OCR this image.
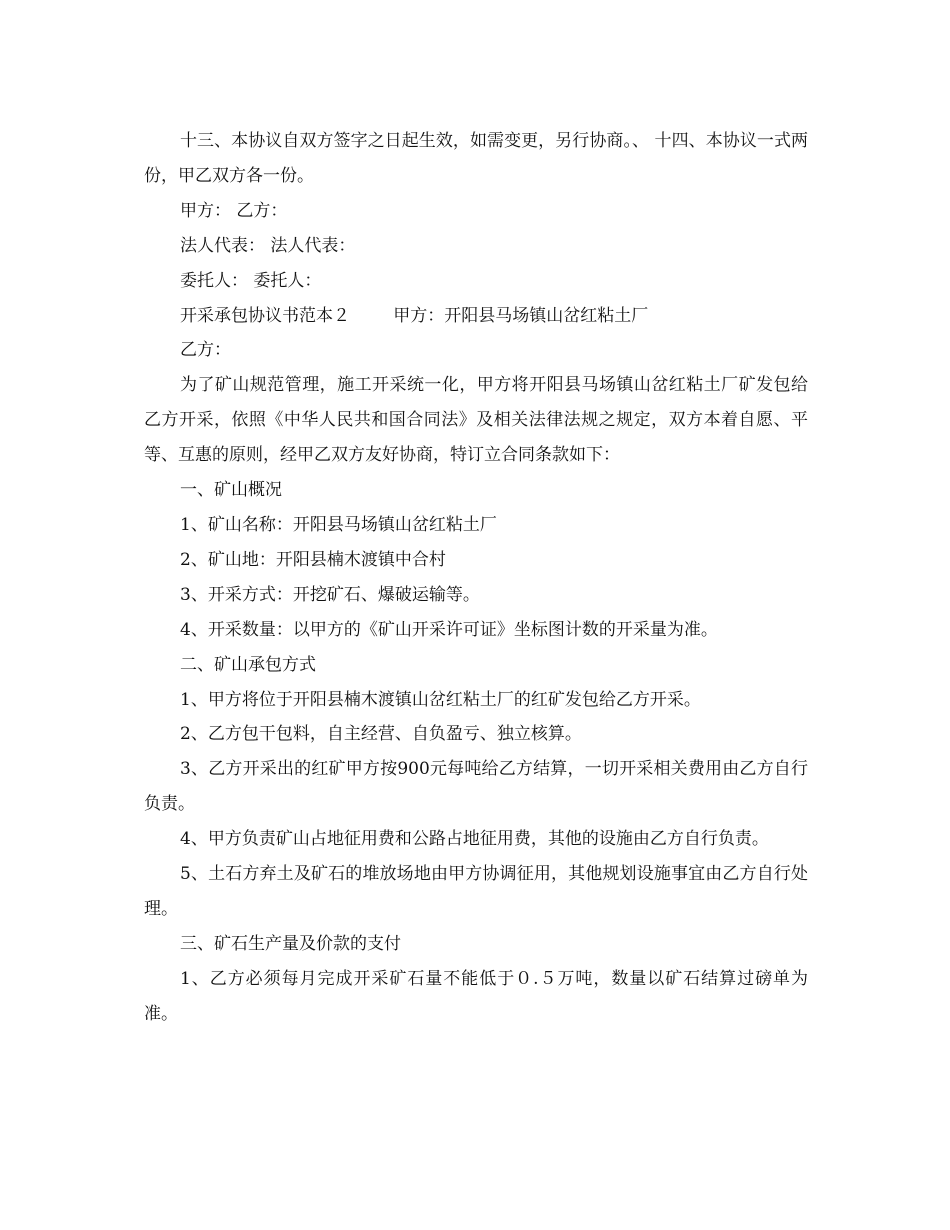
十三、本协议自双方签字之日起生效，如需变更，另行协商。、 十四、本协议一式两份，甲乙双方各一份。

甲方： 乙方：

法人代表： 法人代表：

委托人： 委托人：

开采承包协议书范本２	甲方：开阳县马场镇山岔红粘土厂

乙方：

为了矿山规范管理，施工开采统一化，甲方将开阳县马场镇山岔红粘土厂矿发包给乙方开采，依照《中华人民共和国合同法》及相关法律法规之规定，双方本着自愿、平等、互惠的原则，经甲乙双方友好协商，特订立合同条款如下：

一、矿山概况

1、矿山名称：开阳县马场镇山岔红粘土厂

2、矿山地：开阳县楠木渡镇中合村

3、开采方式：开挖矿石、爆破运输等。

4、开采数量：以甲方的《矿山开采许可证》坐标图计数的开采量为准。

二、矿山承包方式

1、甲方将位于开阳县楠木渡镇山岔红粘土厂的红矿发包给乙方开采。

2、乙方包干包料，自主经营、自负盈亏、独立核算。

3、乙方开采出的红矿甲方按900元每吨给乙方结算，一切开采相关费用由乙方自行负责。

4、甲方负责矿山占地征用费和公路占地征用费，其他的设施由乙方自行负责。

5、土石方弃土及矿石的堆放场地由甲方协调征用，其他规划设施事宜由乙方自行处理。

三、矿石生产量及价款的支付

1、乙方必须每月完成开采矿石量不能低于０.５万吨，数量以矿石结算过磅单为准。
